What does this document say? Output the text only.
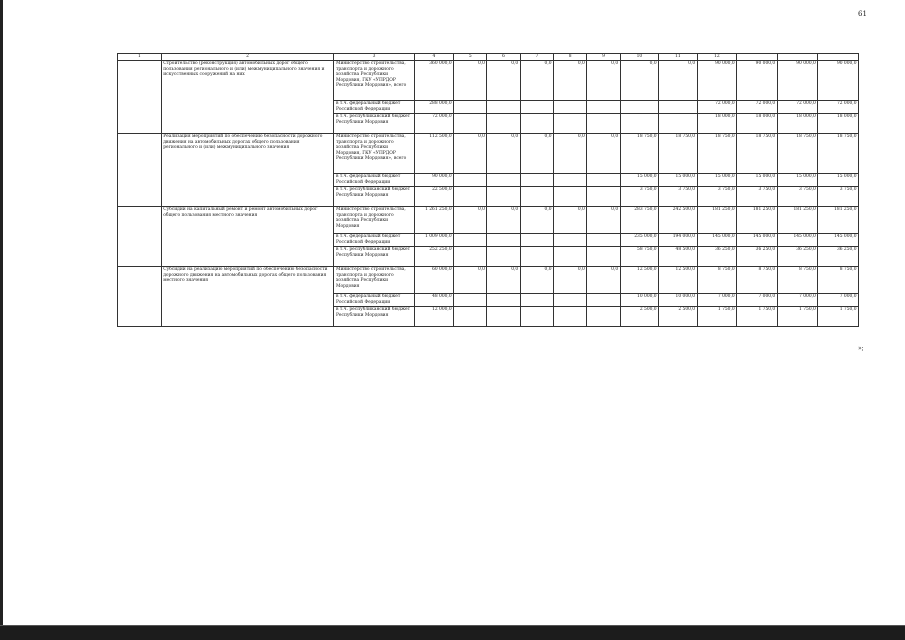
61
1	2	3	4	5	6	7	8	9	10	11	12			
	Строительство (реконструкция) автомобильных дорог общего пользования регионального и (или) межмуниципального значения и искусственных сооружений на них	Министерство строительства, транспорта и дорожного хозяйства Республики Мордовия, ГКУ «УПРДОР Республики Мордовия», всего	360 000,0	0,0	0,0	0,0	0,0	0,0	0,0	0,0	90 000,0	90 000,0	90 000,0	90 000,0
		в т.ч. федеральный бюджет Российской Федерации	288 000,0								72 000,0	72 000,0	72 000,0	72 000,0
		в т.ч. республиканский бюджет Республики Мордовия	72 000,0								18 000,0	18 000,0	18 000,0	18 000,0
	Реализация мероприятий по обеспечению безопасности дорожного движения на автомобильных дорогах общего пользования регионального и (или) межмуниципального значения	Министерство строительства, транспорта и дорожного хозяйства Республики Мордовия, ГКУ «УПРДОР Республики Мордовия», всего	112 500,0	0,0	0,0	0,0	0,0	0,0	18 750,0	18 750,0	18 750,0	18 750,0	18 750,0	18 750,0
		в т.ч. федеральный бюджет Российской Федерации	90 000,0						15 000,0	15 000,0	15 000,0	15 000,0	15 000,0	15 000,0
		в т.ч. республиканский бюджет Республики Мордовия	22 500,0						3 750,0	3 750,0	3 750,0	3 750,0	3 750,0	3 750,0
	Субсидии на капитальный ремонт и ремонт автомобильных дорог общего пользования местного значения	Министерство строительства, транспорта и дорожного хозяйства Республики Мордовия	1 261 250,0	0,0	0,0	0,0	0,0	0,0	283 750,0	242 500,0	181 250,0	181 250,0	181 250,0	181 250,0
		в т.ч. федеральный бюджет Российской Федерации	1 009 000,0						235 000,0	194 000,0	145 000,0	145 000,0	145 000,0	145 000,0
		в т.ч. республиканский бюджет Республики Мордовия	252 250,0						58 750,0	48 500,0	36 250,0	36 250,0	36 250,0	36 250,0
	Субсидии на реализацию мероприятий по обеспечению безопасности дорожного движения на автомобильных дорогах общего пользования местного значения	Министерство строительства, транспорта и дорожного хозяйства Республики Мордовия	60 000,0	0,0	0,0	0,0	0,0	0,0	12 500,0	12 500,0	8 750,0	8 750,0	8 750,0	8 750,0
		в т.ч. федеральный бюджет Российской Федерации	48 000,0						10 000,0	10 000,0	7 000,0	7 000,0	7 000,0	7 000,0
		в т.ч. республиканский бюджет Республики Мордовия	12 000,0						2 500,0	2 500,0	1 750,0	1 750,0	1 750,0	1 750,0
»;
